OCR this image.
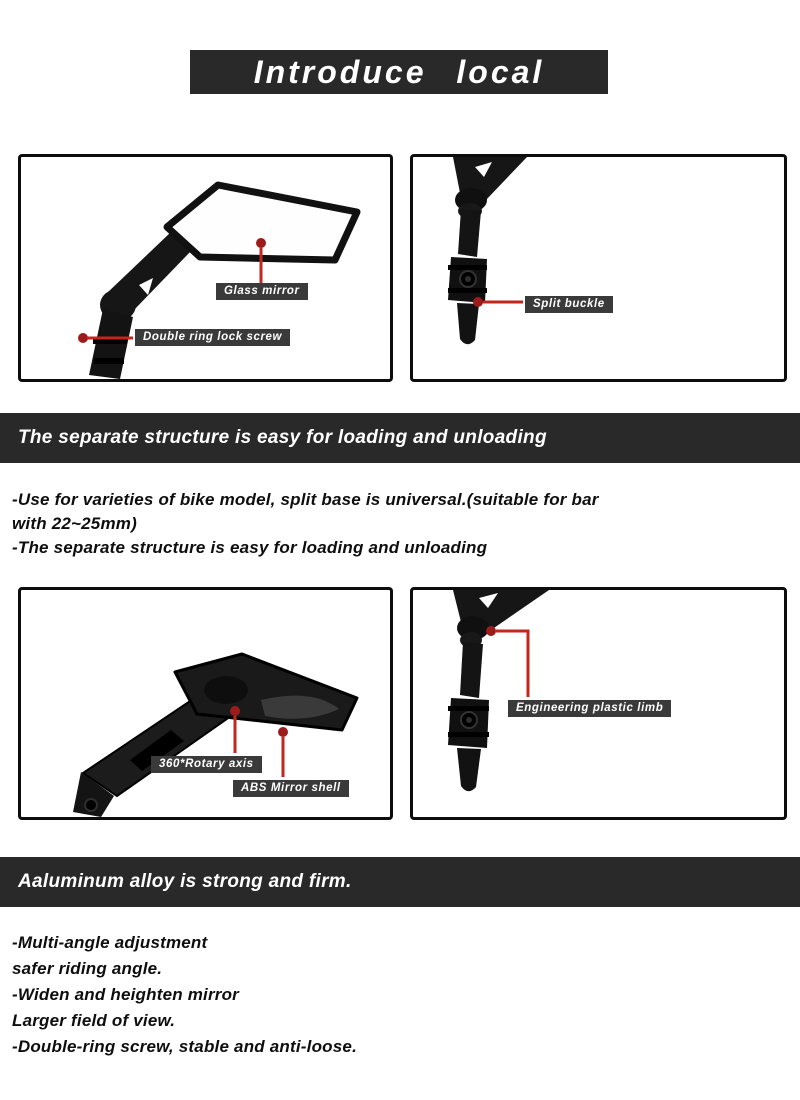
Introduce local
Glass mirror
Double ring lock screw
Split buckle
The separate structure is easy for loading and unloading
-Use for varieties of bike model, split base is universal.(suitable for bar
with 22~25mm)
-The separate structure is easy for loading and unloading
360*Rotary axis
ABS Mirror shell
Engineering plastic limb
Aaluminum alloy is strong and firm.
-Multi-angle adjustment
safer riding angle.
-Widen and heighten mirror
Larger field of view.
-Double-ring screw, stable and anti-loose.
